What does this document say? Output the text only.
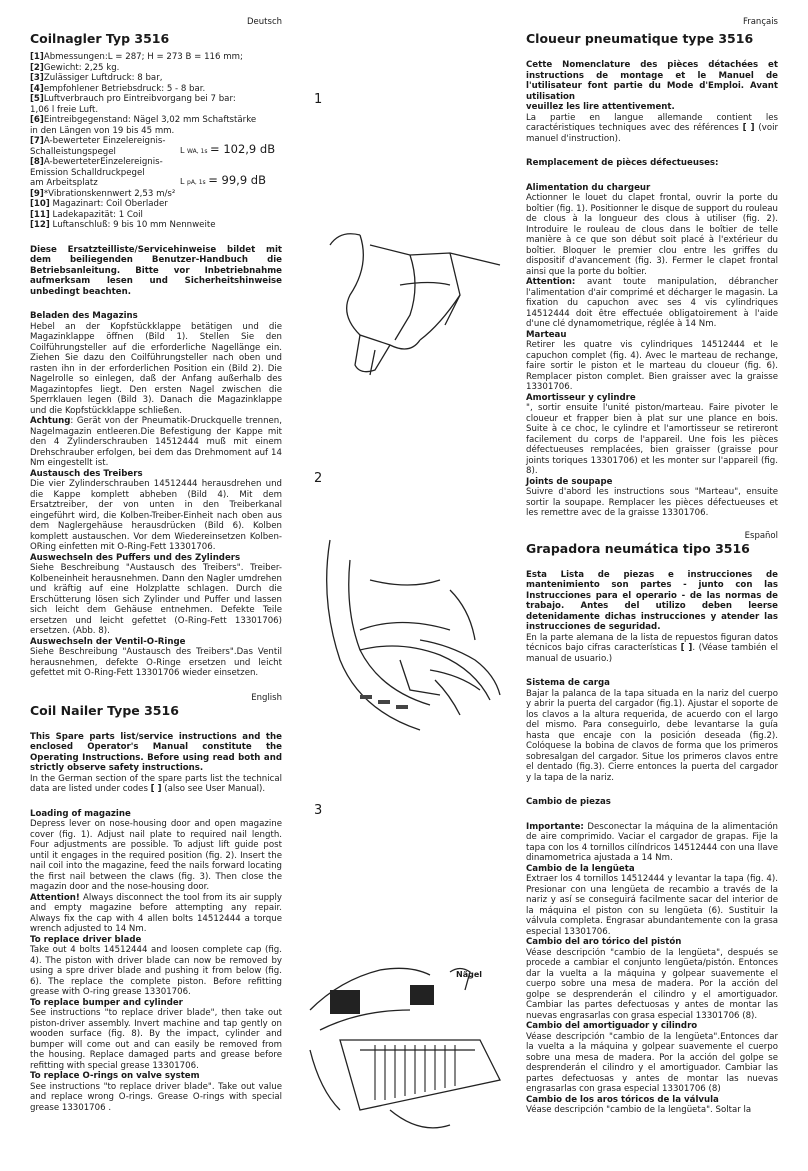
Deutsch

Coilnagler Typ 3516

[1]Abmessungen:L = 287; H = 273 B = 116 mm;

[2]Gewicht: 2,25 kg.

[3]Zulässiger Luftdruck: 8 bar,

[4]empfohlener Betriebsdruck: 5 - 8 bar.

[5]Luftverbrauch pro Eintreibvorgang bei 7 bar:

1,06 l freie Luft.

[6]Eintreibgegenstand: Nägel 3,02 mm Schaftstärke

in den Längen von 19 bis 45 mm.

[7]A-bewerteter Einzelereignis-

Schalleistungspegel	L WA, 1s = 102,9 dB

[8]A-bewerteterEinzelereignis-

Emission Schalldruckpegel

am Arbeitsplatz	L pA, 1s = 99,9 dB

[9]*Vibrationskennwert 2,53 m/s²

[10] Magazinart: Coil Oberlader

[11] Ladekapazität: 1 Coil

[12] Luftanschluß: 9 bis 10 mm Nennweite

Diese Ersatzteilliste/Servicehinweise bildet mit dem beiliegenden Benutzer-Handbuch die Betriebsanleitung. Bitte vor Inbetriebnahme aufmerksam lesen und Sicherheitshinweise unbedingt beachten.

Beladen des Magazins

Hebel an der Kopfstückklappe betätigen und die Magazinklappe öffnen (Bild 1). Stellen Sie den Coilführungsteller auf die erforderliche Nagellänge ein. Ziehen Sie dazu den Coilführungsteller nach oben und rasten ihn in der erforderlichen Position ein (Bild 2). Die Nagelrolle so einlegen, daß der Anfang außerhalb des Magazintopfes liegt. Den ersten Nagel zwischen die Sperrklauen legen (Bild 3). Danach die Magazinklappe und die Kopfstückklappe schließen.

Achtung: Gerät von der Pneumatik-Druckquelle trennen, Nagelmagazin entleeren.Die Befestigung der Kappe mit den 4 Zylinderschrauben 14512444 muß mit einem Drehschrauber erfolgen, bei dem das Drehmoment auf 14 Nm eingestellt ist.

Austausch des Treibers

Die vier Zylinderschrauben 14512444 herausdrehen und die Kappe komplett abheben (Bild 4). Mit dem Ersatztreiber, der von unten in den Treiberkanal eingeführt wird, die Kolben-Treiber-Einheit nach oben aus dem Naglergehäuse herausdrücken (Bild 6). Kolben komplett austauschen. Vor dem Wiedereinsetzen Kolben-ORing einfetten mit O-Ring-Fett 13301706.

Auswechseln des Puffers und des Zylinders

Siehe Beschreibung "Austausch des Treibers". Treiber-Kolbeneinheit herausnehmen. Dann den Nagler umdrehen und kräftig auf eine Holzplatte schlagen. Durch die Erschütterung lösen sich Zylinder und Puffer und lassen sich leicht dem Gehäuse entnehmen. Defekte Teile ersetzen und leicht gefettet (O-Ring-Fett 13301706) ersetzen. (Abb. 8).

Auswechseln der Ventil-O-Ringe

Siehe Beschreibung "Austausch des Treibers".Das Ventil herausnehmen, defekte O-Ringe ersetzen und leicht gefettet mit O-Ring-Fett 13301706 wieder einsetzen.

English

Coil Nailer Type 3516

This Spare parts list/service instructions and the enclosed Operator's Manual constitute the Operating Instructions. Before using read both and strictly observe safety instructions.

In the German section of the spare parts list the technical data are listed under codes [ ] (also see User Manual).

Loading of magazine

Depress lever on nose-housing door and open magazine cover (fig. 1). Adjust nail plate to required nail length. Four adjustments are possible. To adjust lift guide post until it engages in the required position (fig. 2). Insert the nail coil into the magazine, feed the nails forward locating the first nail between the claws (fig. 3). Then close the magazin door and the nose-housing door.

Attention! Always disconnect the tool from its air supply and empty magazine before attempting any repair. Always fix the cap with 4 allen bolts 14512444 a torque wrench adjusted to 14 Nm.

To replace driver blade

Take out 4 bolts 14512444 and loosen complete cap (fig. 4). The piston with driver blade can now be removed by using a spre driver blade and pushing it from below (fig. 6). The replace the complete piston. Before refitting grease with O-ring grease 13301706.

To replace bumper and cylinder

See instructions "to replace driver blade", then take out piston-driver assembly. Invert machine and tap gently on wooden surface (fig. 8). By the impact, cylinder and bumper will come out and can easily be removed from the housing. Replace damaged parts and grease before refitting with special grease 13301706.

To replace O-rings on valve system

See instructions "to replace driver blade". Take out value and replace wrong O-rings. Grease O-rings with special grease 13301706 .

1
2
3
Nägel

Français

Cloueur pneumatique type 3516

Cette Nomenclature des pièces détachées et instructions de montage et le Manuel de l'utilisateur font partie du Mode d'Emploi. Avant utilisation

veuillez les lire attentivement.

La partie en langue allemande contient les caractéristiques techniques avec des références [ ] (voir manuel d'instruction).

Remplacement de pièces défectueuses:

Alimentation du chargeur

Actionner le louet du clapet frontal, ouvrir la porte du boîtier (fig. 1). Positionner le disque de support du rouleau de clous à la longueur des clous à utiliser (fig. 2). Introduire le rouleau de clous dans le boîtier de telle manière à ce que son début soit placé à l'extérieur du boîtier. Bloquer le premier clou entre les griffes du dispositif d'avancement (fig. 3). Fermer le clapet frontal ainsi que la porte du boîtier.

Attention: avant toute manipulation, débrancher l'alimentation d'air comprimé et décharger le magasin. La fixation du capuchon avec ses 4 vis cylindriques 14512444 doit être effectuée obligatoirement à l'aide d'une clé dynamometrique, réglée à 14 Nm.

Marteau

Retirer les quatre vis cylindriques 14512444 et le capuchon complet (fig. 4). Avec le marteau de rechange, faire sortir le piston et le marteau du cloueur (fig. 6). Remplacer piston complet. Bien graisser avec la graisse 13301706.

Amortisseur y cylindre

", sortir ensuite l'unité piston/marteau. Faire pivoter le cloueur et frapper bien à plat sur une plance en bois. Suite à ce choc, le cylindre et l'amortisseur se retireront facilement du corps de l'appareil. Une fois les pièces défectueuses remplacées, bien graisser (graisse pour joints toriques 13301706) et les monter sur l'appareil (fig. 8).

Joints de soupape

Suivre d'abord les instructions sous "Marteau", ensuite sortir la soupape. Remplacer les pièces défectueuses et les remettre avec de la graisse 13301706.

Español

Grapadora neumática tipo 3516

Esta Lista de piezas e instrucciones de mantenimiento son partes - junto con las Instrucciones para el operario - de las normas de trabajo. Antes del utilizo deben leerse detenidamente dichas instrucciones y atender las instrucciones de seguridad.

En la parte alemana de la lista de repuestos figuran datos técnicos bajo cifras características [ ]. (Véase también el manual de usuario.)

Sistema de carga

Bajar la palanca de la tapa situada en la nariz del cuerpo y abrir la puerta del cargador (fig.1). Ajustar el soporte de los clavos a la altura requerida, de acuerdo con el largo del mismo. Para conseguirlo, debe levantarse la guía hasta que encaje con la posición deseada (fig.2). Colóquese la bobina de clavos de forma que los primeros sobresalgan del cargador. Situe los primeros clavos entre el dentado (fig.3). Cierre entonces la puerta del cargador y la tapa de la nariz.

Cambio de piezas

Importante: Desconectar la máquina de la alimentación de aire comprimido. Vaciar el cargador de grapas. Fije la tapa con los 4 tornillos cilíndricos 14512444 con una llave dinamometrica ajustada a 14 Nm.

Cambio de la lengüeta

Extraer los 4 tornillos 14512444 y levantar la tapa (fig. 4). Presionar con una lengüeta de recambio a través de la nariz y así se conseguirá facilmente sacar del interior de la máquina el piston con su lengüeta (6). Sustituir la válvula completa. Engrasar abundantemente con la grasa especial 13301706.

Cambio del aro tórico del pistón

Véase descripción "cambio de la lengüeta", después se procede a cambiar el conjunto lengüeta/pistón. Entonces dar la vuelta a la máquina y golpear suavemente el cuerpo sobre una mesa de madera. Por la acción del golpe se desprenderán el cilindro y el amortiguador. Cambiar las partes defectuosas y antes de montar las nuevas engrasarlas con grasa especial 13301706 (8).

Cambio del amortiguador y cilindro

Véase descripción "cambio de la lengüeta".Entonces dar la vuelta a la máquina y golpear suavemente el cuerpo sobre una mesa de madera. Por la acción del golpe se desprenderán el cilindro y el amortiguador. Cambiar las partes defectuosas y antes de montar las nuevas engrasarlas con grasa especial 13301706 (8)

Cambio de los aros tóricos de la válvula

Véase descripción "cambio de la lengüeta". Soltar la
